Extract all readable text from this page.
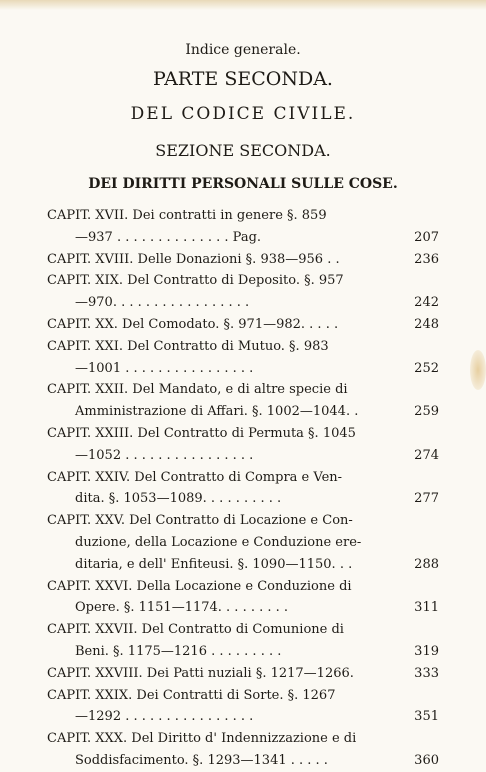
Indice generale.
PARTE SECONDA.
DEL CODICE CIVILE.
SEZIONE SECONDA.
DEI DIRITTI PERSONALI SULLE COSE.
CAPIT. XVII. Dei contratti in genere §. 859
—937 . . . . . . . . . . . . . . Pag.	207
CAPIT. XVIII. Delle Donazioni §. 938—956 . .	236
CAPIT. XIX. Del Contratto di Deposito. §. 957
—970. . . . . . . . . . . . . . . . .	242
CAPIT. XX. Del Comodato. §. 971—982. . . . .	248
CAPIT. XXI. Del Contratto di Mutuo. §. 983
—1001 . . . . . . . . . . . . . . . .	252
CAPIT. XXII. Del Mandato, e di altre specie di
Amministrazione di Affari. §. 1002—1044. .	259
CAPIT. XXIII. Del Contratto di Permuta §. 1045
—1052 . . . . . . . . . . . . . . . .	274
CAPIT. XXIV. Del Contratto di Compra e Ven-
dita. §. 1053—1089. . . . . . . . . .	277
CAPIT. XXV. Del Contratto di Locazione e Con-
duzione, della Locazione e Conduzione ere-
ditaria, e dell' Enfiteusi. §. 1090—1150. . .	288
CAPIT. XXVI. Della Locazione e Conduzione di
Opere. §. 1151—1174. . . . . . . . .	311
CAPIT. XXVII. Del Contratto di Comunione di
Beni. §. 1175—1216 . . . . . . . . .	319
CAPIT. XXVIII. Dei Patti nuziali §. 1217—1266.	333
CAPIT. XXIX. Dei Contratti di Sorte. §. 1267
—1292 . . . . . . . . . . . . . . . .	351
CAPIT. XXX. Del Diritto d' Indennizzazione e di
Soddisfacimento. §. 1293—1341 . . . . .	360
